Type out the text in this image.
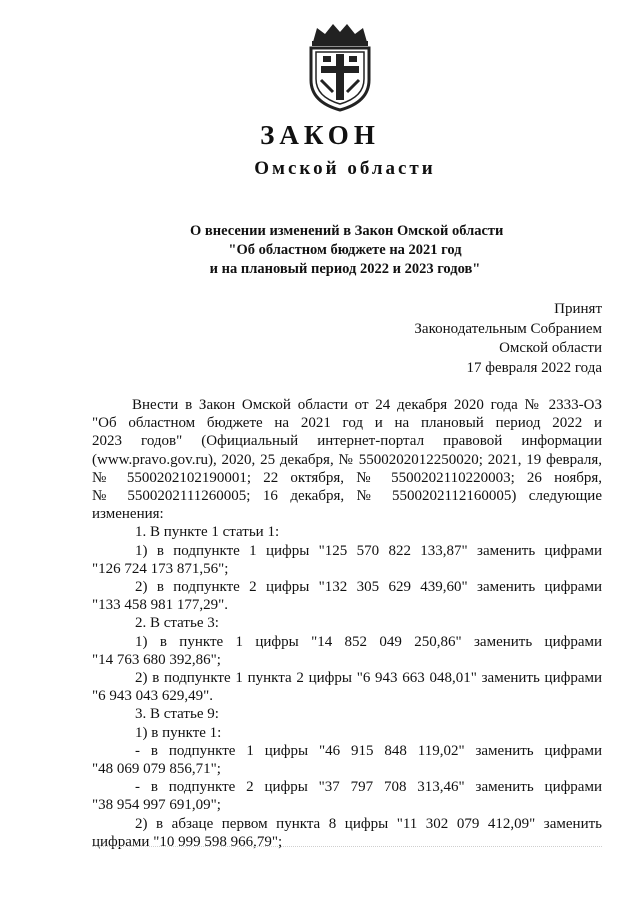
ЗАКОН
Омской области
О внесении изменений в Закон Омской области
"Об областном бюджете на 2021 год
и на плановый период 2022 и 2023 годов"
Принят
Законодательным Собранием
Омской области
17 февраля 2022 года
Внести в Закон Омской области от 24 декабря 2020 года № 2333-ОЗ
"Об областном бюджете на 2021 год и на плановый период 2022 и
2023 годов" (Официальный интернет-портал правовой информации
(www.pravo.gov.ru), 2020, 25 декабря, № 5500202012250020; 2021, 19 февраля,
№ 5500202102190001; 22 октября, № 5500202110220003; 26 ноября,
№ 5500202111260005; 16 декабря, № 5500202112160005) следующие
изменения:
1. В пункте 1 статьи 1:
1) в подпункте 1 цифры "125 570 822 133,87" заменить цифрами
"126 724 173 871,56";
2) в подпункте 2 цифры "132 305 629 439,60" заменить цифрами
"133 458 981 177,29".
2. В статье 3:
1) в пункте 1 цифры "14 852 049 250,86" заменить цифрами
"14 763 680 392,86";
2) в подпункте 1 пункта 2 цифры "6 943 663 048,01" заменить цифрами
"6 943 043 629,49".
3. В статье 9:
1) в пункте 1:
- в подпункте 1 цифры "46 915 848 119,02" заменить цифрами
"48 069 079 856,71";
- в подпункте 2 цифры "37 797 708 313,46" заменить цифрами
"38 954 997 691,09";
2) в абзаце первом пункта 8 цифры "11 302 079 412,09" заменить
цифрами "10 999 598 966,79";
